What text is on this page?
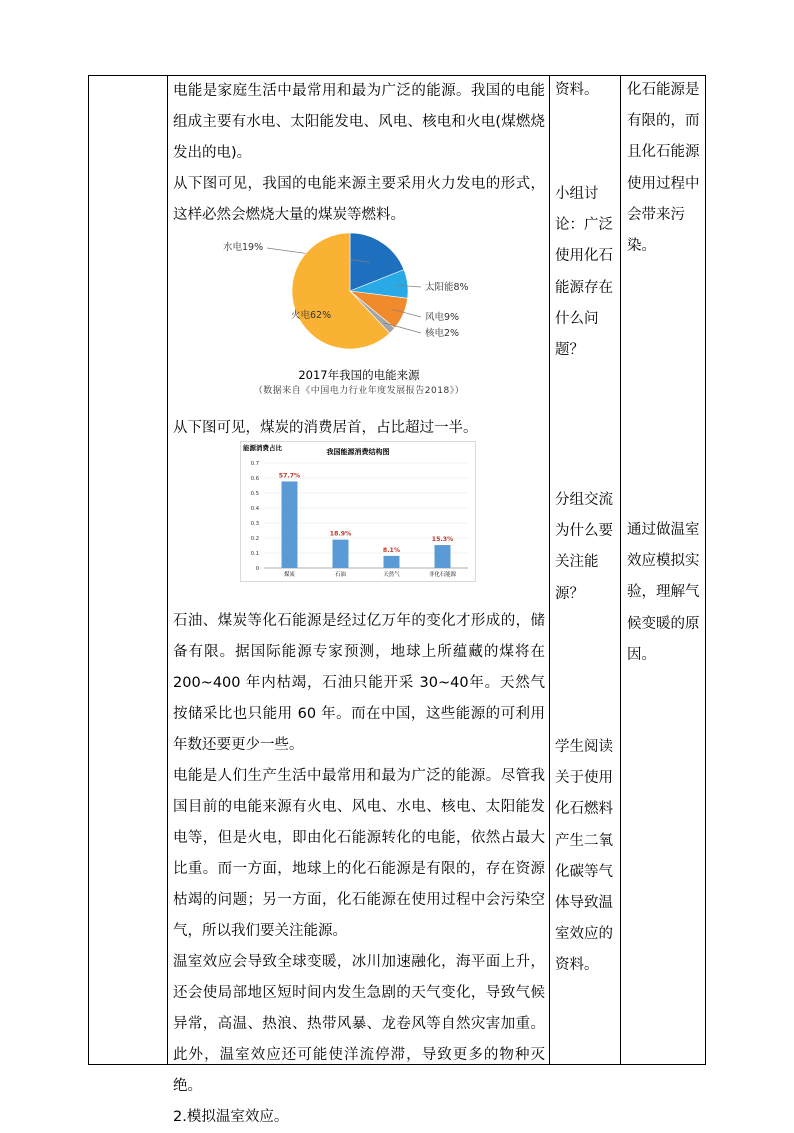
电能是家庭生活中最常用和最为广泛的能源。我国的电能组成主要有水电、太阳能发电、风电、核电和火电(煤燃烧发出的电)。

从下图可见，我国的电能来源主要采用火力发电的形式，这样必然会燃烧大量的煤炭等燃料。

从下图可见，煤炭的消费居首，占比超过一半。

石油、煤炭等化石能源是经过亿万年的变化才形成的，储备有限。据国际能源专家预测，地球上所蕴藏的煤将在 200~400 年内枯竭，石油只能开采 30~40年。天然气按储采比也只能用 60 年。而在中国，这些能源的可利用年数还要更少一些。

电能是人们生产生活中最常用和最为广泛的能源。尽管我国目前的电能来源有火电、风电、水电、核电、太阳能发电等，但是火电，即由化石能源转化的电能，依然占最大比重。而一方面，地球上的化石能源是有限的，存在资源枯竭的问题；另一方面，化石能源在使用过程中会污染空气，所以我们要关注能源。

温室效应会导致全球变暖，冰川加速融化，海平面上升，还会使局部地区短时间内发生急剧的天气变化，导致气候异常，高温、热浪、热带风暴、龙卷风等自然灾害加重。此外，温室效应还可能使洋流停滞，导致更多的物种灭绝。

2.模拟温室效应。

水电19%
太阳能8%
风电9%
核电2%
火电62%
2017年我国的电能来源
（数据来自《中国电力行业年度发展报告2018》）
能源消费占比	我国能源消费结构图
0
0.1
0.2
0.3
0.4
0.5
0.6
0.7
57.7%
煤炭
18.9%
石油
8.1%
天然气
15.3%
非化石能源
资料。
小组讨论：广泛使用化石能源存在什么问题？
分组交流为什么要关注能源？
学生阅读关于使用化石燃料产生二氧化碳等气体导致温室效应的资料。
化石能源是有限的，而且化石能源使用过程中会带来污染。
通过做温室效应模拟实验，理解气候变暖的原因。
